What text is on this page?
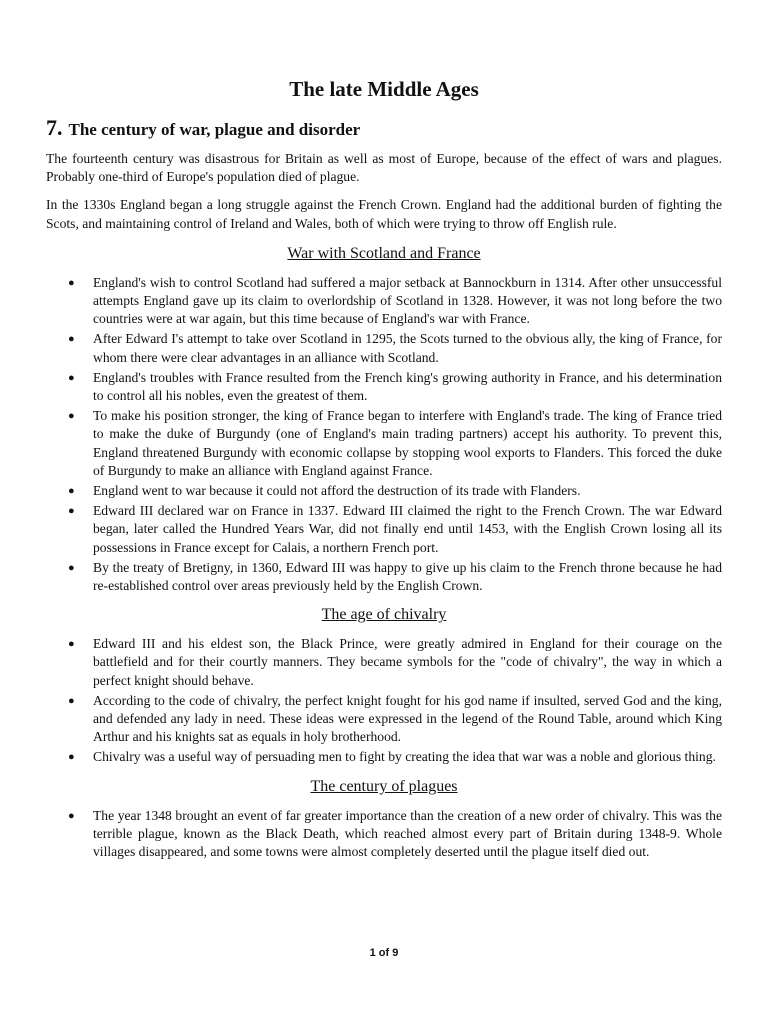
The late Middle Ages
7. The century of war, plague and disorder

The fourteenth century was disastrous for Britain as well as most of Europe, because of the effect of wars and plagues. Probably one-third of Europe's population died of plague.

In the 1330s England began a long struggle against the French Crown. England had the additional burden of fighting the Scots, and maintaining control of Ireland and Wales, both of which were trying to throw off English rule.

War with Scotland and France
● England's wish to control Scotland had suffered a major setback at Bannockburn in 1314. After other unsuccessful attempts England gave up its claim to overlordship of Scotland in 1328. However, it was not long before the two countries were at war again, but this time because of England's war with France.
● After Edward I's attempt to take over Scotland in 1295, the Scots turned to the obvious ally, the king of France, for whom there were clear advantages in an alliance with Scotland.
● England's troubles with France resulted from the French king's growing authority in France, and his determination to control all his nobles, even the greatest of them.
● To make his position stronger, the king of France began to interfere with England's trade. The king of France tried to make the duke of Burgundy (one of England's main trading partners) accept his authority. To prevent this, England threatened Burgundy with economic collapse by stopping wool exports to Flanders. This forced the duke of Burgundy to make an alliance with England against France.
● England went to war because it could not afford the destruction of its trade with Flanders.
● Edward III declared war on France in 1337. Edward III claimed the right to the French Crown. The war Edward began, later called the Hundred Years War, did not finally end until 1453, with the English Crown losing all its possessions in France except for Calais, a northern French port.
● By the treaty of Bretigny, in 1360, Edward III was happy to give up his claim to the French throne because he had re-established control over areas previously held by the English Crown.
The age of chivalry
● Edward III and his eldest son, the Black Prince, were greatly admired in England for their courage on the battlefield and for their courtly manners. They became symbols for the "code of chivalry", the way in which a perfect knight should behave.
● According to the code of chivalry, the perfect knight fought for his god name if insulted, served God and the king, and defended any lady in need. These ideas were expressed in the legend of the Round Table, around which King Arthur and his knights sat as equals in holy brotherhood.
● Chivalry was a useful way of persuading men to fight by creating the idea that war was a noble and glorious thing.
The century of plagues
● The year 1348 brought an event of far greater importance than the creation of a new order of chivalry. This was the terrible plague, known as the Black Death, which reached almost every part of Britain during 1348-9. Whole villages disappeared, and some towns were almost completely deserted until the plague itself died out.
1 of 9
